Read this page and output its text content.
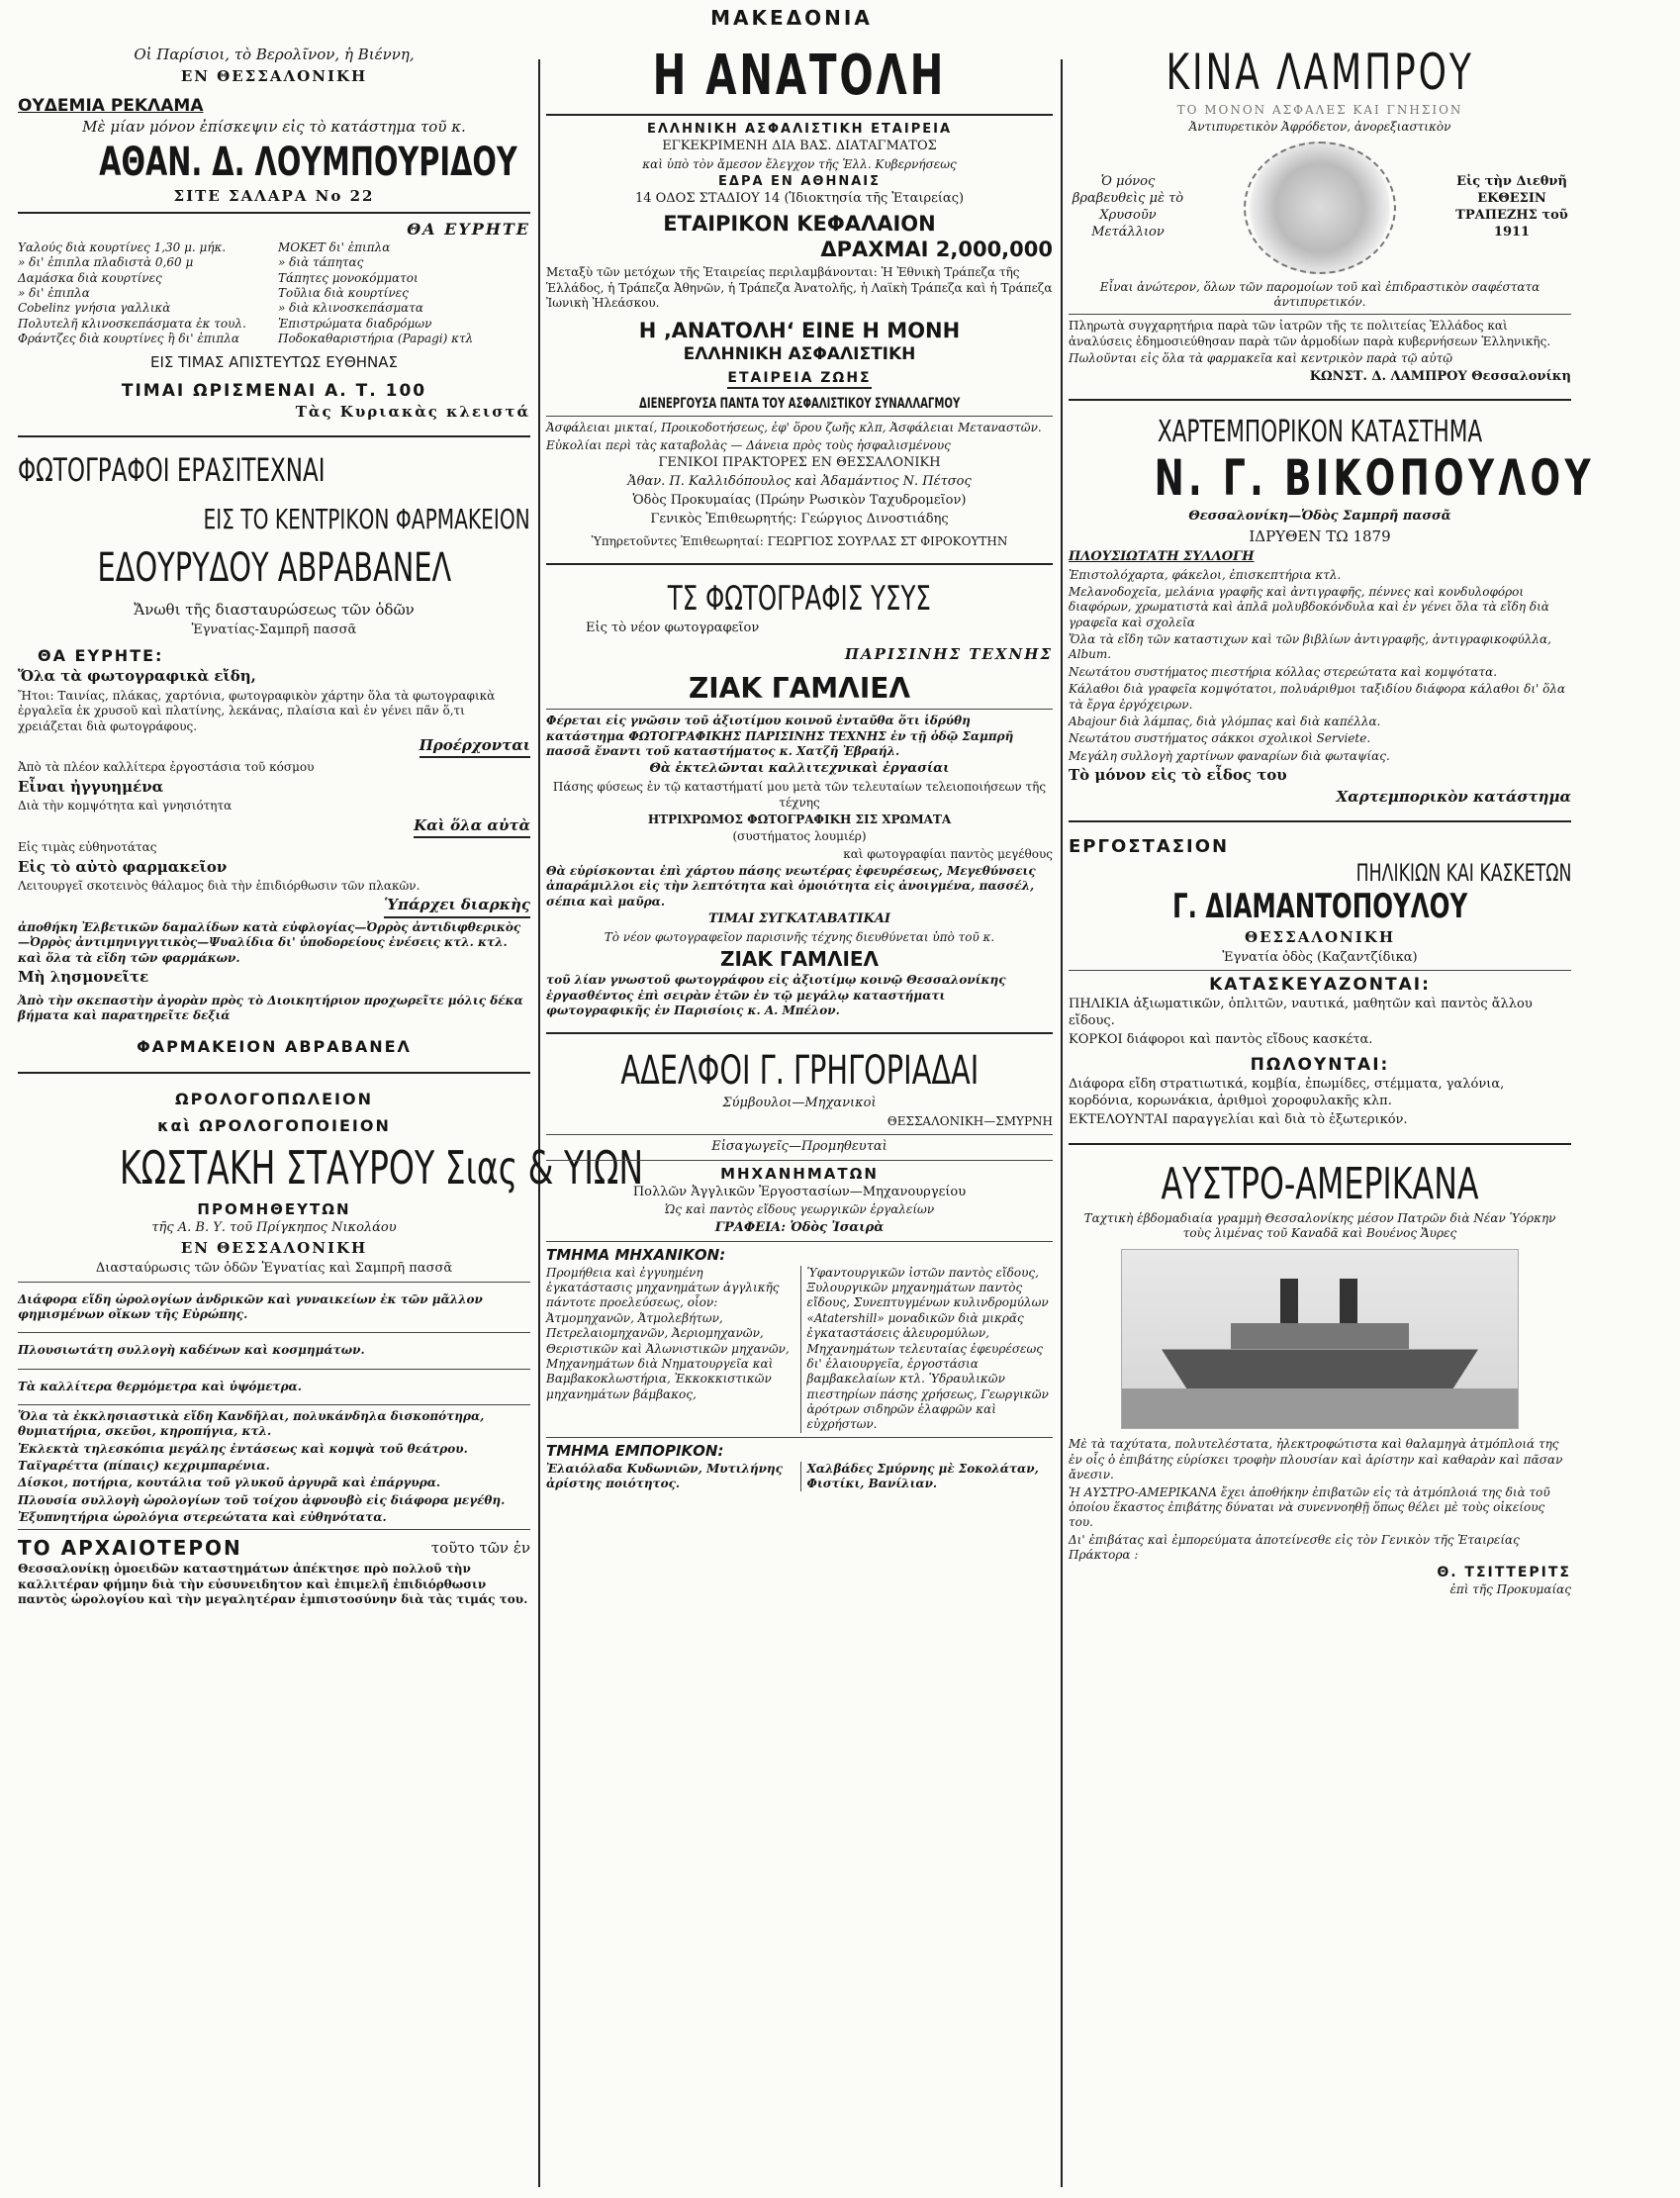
ΜΑΚΕΔΟΝΙΑ

Οἱ Παρίσιοι, τὸ Βερολῖνον, ἡ Βιέννη,

ΕΝ ΘΕΣΣΑΛΟΝΙΚΗ

ΟΥΔΕΜΙΑ ΡΕΚΛΑΜΑ

Μὲ μίαν μόνον ἐπίσκεψιν εἰς τὸ κατάστημα τοῦ κ.

ΑΘΑΝ. Δ. ΛΟΥΜΠΟΥΡΙΔΟΥ

ΣΙΤΕ ΣΑΛΑΡΑ Νο 22

ΘΑ ΕΥΡΗΤΕ

Υαλούς διὰ κουρτίνες 1,30 μ. μήκ.
» δι' ἐπιπλα πλαδιστὰ 0,60 μ
Δαμάσκα διὰ κουρτίνες
» δι' ἐπιπλα
Cobelinz γνήσια γαλλικὰ
Πολυτελῆ κλινοσκεπάσματα ἐκ τουλ.
Φράντζες διὰ κουρτίνες ἢ δι' ἐπιπλα
ΜΟΚΕΤ δι' ἐπιπλα
» διὰ τάπητας
Τάπητες μονοκόμματοι
Τοῦλια διὰ κουρτίνες
» διὰ κλινοσκεπάσματα
Ἐπιστρώματα διαδρόμων
Ποδοκαθαριστήρια (Papagi) κτλ

ΕΙΣ ΤΙΜΑΣ ΑΠΙΣΤΕΥΤΩΣ ΕΥΘΗΝΑΣ

ΤΙΜΑΙ ΩΡΙΣΜΕΝΑΙ Α. Τ. 100

Τὰς Κυριακὰς κλειστά

ΦΩΤΟΓΡΑΦΟΙ ΕΡΑΣΙΤΕΧΝΑΙ
ΕΙΣ ΤΟ ΚΕΝΤΡΙΚΟΝ ΦΑΡΜΑΚΕΙΟΝ
ΕΔΟΥΡΥΔΟΥ ΑΒΡΑΒΑΝΕΛ

Ἄνωθι τῆς διασταυρώσεως τῶν ὁδῶν

Ἐγνατίας-Σαμπρῆ πασσᾶ

ΘΑ ΕΥΡΗΤΕ:

Ὅλα τὰ φωτογραφικὰ εἴδη,

Ἤτοι: Ταινίας, πλάκας, χαρτόνια, φωτογραφικὸν χάρτην ὅλα τὰ φωτογραφικὰ ἐργαλεῖα ἐκ χρυσοῦ καὶ πλατίνης, λεκάνας, πλαίσια καὶ ἐν γένει πᾶν ὅ,τι χρειάζεται διὰ φωτογράφους.

Προέρχονται

Ἀπὸ τὰ πλέον καλλίτερα ἐργοστάσια τοῦ κόσμου

Εἶναι ἠγγυημένα

Διὰ τὴν κομψότητα καὶ γνησιότητα

Καὶ ὅλα αὐτὰ

Εἰς τιμὰς εὐθηνοτάτας

Εἰς τὸ αὐτὸ φαρμακεῖον

Λειτουργεῖ σκοτεινὸς θάλαμος διὰ τὴν ἐπιδιόρθωσιν τῶν πλακῶν.

Ὑπάρχει διαρκὴς

ἀποθήκη Ἐλβετικῶν δαμαλίδων κατὰ εὐφλογίας—Ὀρρὸς ἀντιδιφθερικὸς —Ὀρρὸς ἀντιμηνιγγιτικὸς—Ψυαλίδια δι' ὑποδορείους ἐνέσεις κτλ. κτλ. καὶ ὅλα τὰ εἴδη τῶν φαρμάκων.

Μὴ λησμονεῖτε

Ἀπὸ τὴν σκεπαστὴν ἀγορὰν πρὸς τὸ Διοικητήριον πρoχωρεῖτε μόλις δέκα βήματα καὶ παρατηρεῖτε δεξιά

ΦΑΡΜΑΚΕΙΟΝ ΑΒΡΑΒΑΝΕΛ

ΩΡΟΛΟΓΟΠΩΛΕΙΟΝ

καὶ ΩΡΟΛΟΓΟΠΟΙΕΙΟΝ

ΚΩΣΤΑΚΗ ΣΤΑΥΡΟΥ Σιας & ΥΙΩΝ

ΠΡΟΜΗΘΕΥΤΩΝ

τῆς Α. Β. Υ. τοῦ Πρίγκηπος Νικολάου

ΕΝ ΘΕΣΣΑΛΟΝΙΚΗ

Διασταύρωσις τῶν ὁδῶν Ἐγνατίας καὶ Σαμπρῆ πασσᾶ

Διάφορα εἴδη ὡρολογίων ἀνδρικῶν καὶ γυναικείων ἐκ τῶν μᾶλλον φημισμένων οἴκων τῆς Εὐρώπης.

Πλουσιωτάτη συλλογὴ καδένων καὶ κοσμημάτων.

Τὰ καλλίτερα θερμόμετρα καὶ ὑψόμετρα.

Ὅλα τὰ ἐκκλησιαστικὰ εἴδη Κανδῆλαι, πολυκάνδηλα δισκοπότηρα, θυμιατήρια, σκεῦοι, κηροπήγια, κτλ.

Ἐκλεκτὰ τηλεσκόπια μεγάλης ἐντάσεως καὶ κομψὰ τοῦ θεάτρου.

Ταϊγαρέττα (πίπαις) κεχριμπαρένια.

Δίσκοι, ποτήρια, κουτάλια τοῦ γλυκοῦ ἀργυρᾶ καὶ ἐπάργυρα.

Πλουσία συλλογὴ ὡρολογίων τοῦ τοίχου ἀφνουβὸ εἰς διάφορα μεγέθη.

Ἐξυπνητήρια ὡρολόγια στερεώτατα καὶ εὐθηνότατα.

ΤΟ ΑΡΧΑΙΟΤΕΡΟΝ	τοῦτο τῶν ἐν

Θεσσαλονίκῃ ὁμοειδῶν καταστημάτων ἀπέκτησε πρὸ πολλοῦ τὴν καλλιτέραν φήμην διὰ τὴν εὐσυνειδητον καὶ ἐπιμελῆ ἐπιδιόρθωσιν παντὸς ὡρολογίου καὶ τὴν μεγαλητέραν ἐμπιστοσύνην διὰ τὰς τιμάς του.

Η ΑΝΑΤΟΛΗ

ΕΛΛΗΝΙΚΗ ΑΣΦΑΛΙΣΤΙΚΗ ΕΤΑΙΡΕΙΑ

ΕΓΚΕΚΡΙΜΕΝΗ ΔΙΑ ΒΑΣ. ΔΙΑΤΑΓΜΑΤΟΣ

καὶ ὑπὸ τὸν ἄμεσον ἔλεγχον τῆς Ἑλλ. Κυβερνήσεως

ΕΔΡΑ ΕΝ ΑΘΗΝΑΙΣ

14 ΟΔΟΣ ΣΤΑΔΙΟΥ 14 (Ἰδιοκτησία τῆς Ἑταιρείας)

ΕΤΑΙΡΙΚΟΝ ΚΕΦΑΛΑΙΟΝ

ΔΡΑΧΜΑΙ 2,000,000

Μεταξὺ τῶν μετόχων τῆς Ἑταιρείας περιλαμβάνονται: Ἡ Ἐθνικὴ Τράπεζα τῆς Ἑλλάδος, ἡ Τράπεζα Ἀθηνῶν, ἡ Τράπεζα Ἀνατολῆς, ἡ Λαϊκὴ Τράπεζα καὶ ἡ Τράπεζα Ἰωνικὴ Ἠλεάσκου.

Η ‚ΑΝΑΤΟΛΗ‘ ΕΙΝΕ Η ΜΟΝΗ

ΕΛΛΗΝΙΚΗ ΑΣΦΑΛΙΣΤΙΚΗ

ΕΤΑΙΡΕΙΑ ΖΩΗΣ

ΔΙΕΝΕΡΓΟΥΣΑ ΠΑΝΤΑ ΤΟΥ ΑΣΦΑΛΙΣΤΙΚΟΥ ΣΥΝΑΛΛΑΓΜΟΥ

Ἀσφάλειαι μικταί, Προικοδοτήσεως, ἐφ' ὅρου ζωῆς κλπ, Ἀσφάλειαι Μεταναστῶν.

Εὐκολίαι περὶ τὰς καταβολὰς — Δάνεια πρὸς τοὺς ἠσφαλισμένους

ΓΕΝΙΚΟΙ ΠΡΑΚΤΟΡΕΣ ΕΝ ΘΕΣΣΑΛΟΝΙΚΗ

Ἀθαν. Π. Καλλιδόπουλος καὶ Ἀδαμάντιος Ν. Πέτσος

Ὁδὸς Προκυμαίας (Πρώην Ρωσικὸν Ταχυδρομεῖον)

Γενικὸς Ἐπιθεωρητής: Γεώργιος Δινοστιάδης

Ὑπηρετοῦντες Ἐπιθεωρηταί: ΓΕΩΡΓΙΟΣ ΣΟΥΡΛΑΣ ΣΤ ΦΙΡΟΚΟΥΤΗΝ

ΤΣ ΦΩΤΟΓΡΑΦΙΣ ΥΣΥΣ

Εἰς τὸ νέον φωτογραφεῖον

ΠΑΡΙΣΙΝΗΣ ΤΕΧΝΗΣ

ΖΙΑΚ ΓΑΜΛΙΕΛ

Φέρεται εἰς γνῶσιν τοῦ ἀξιοτίμου κοινοῦ ἐνταῦθα ὅτι ἱδρύθη κατάστημα ΦΩΤΟΓΡΑΦΙΚΗΣ ΠΑΡΙΣΙΝΗΣ ΤΕΧΝΗΣ ἐν τῇ ὁδῷ Σαμπρῆ πασσᾶ ἔναντι τοῦ καταστήματος κ. Χατζῆ Ἐβραήλ.

Θὰ ἐκτελῶνται καλλιτεχνικαὶ ἐργασίαι

Πάσης φύσεως ἐν τῷ καταστήματί μου μετὰ τῶν τελευταίων τελειοποιήσεων τῆς τέχνης

ΗΤΡΙΧΡΩΜΟΣ ΦΩΤΟΓΡΑΦΙΚΗ ΣΙΣ ΧΡΩΜΑΤΑ

(συστήματος λουμιέρ)

καὶ φωτογραφίαι παντὸς μεγέθους

Θὰ εὑρίσκονται ἐπὶ χάρτου πάσης νεωτέρας ἐφευρέσεως, Μεγεθύνσεις ἀπαράμιλλοι εἰς τὴν λεπτότητα καὶ ὁμοιότητα εἰς ἀνοιγμένα, πασσέλ, σέπια καὶ μαῦρα.

ΤΙΜΑΙ ΣΥΓΚΑΤΑΒΑΤΙΚΑΙ

Τὸ νέον φωτογραφεῖον παρισινῆς τέχνης διευθύνεται ὑπὸ τοῦ κ.

ΖΙΑΚ ΓΑΜΛΙΕΛ

τοῦ λίαν γνωστοῦ φωτογράφου εἰς ἀξιοτίμῳ κοινῷ Θεσσαλονίκης ἐργασθέντος ἐπὶ σειρὰν ἐτῶν ἐν τῷ μεγάλῳ καταστήματι φωτογραφικῆς ἐν Παρισίοις κ. Α. Μπέλον.

ΑΔΕΛΦΟΙ Γ. ΓΡΗΓΟΡΙΑΔΑΙ

Σύμβουλοι—Μηχανικοὶ

ΘΕΣΣΑΛΟΝΙΚΗ—ΣΜΥΡΝΗ

Εἰσαγωγεῖς—Προμηθευταὶ

ΜΗΧΑΝΗΜΑΤΩΝ

Πολλῶν Ἀγγλικῶν Ἐργοστασίων—Μηχανουργείου

Ὡς καὶ παντὸς εἴδους γεωργικῶν ἐργαλείων

ΓΡΑΦΕΙΑ: Ὁδὸς Ἰσαιρὰ

ΤΜΗΜΑ ΜΗΧΑΝΙΚΟΝ:

Προμήθεια καὶ ἐγγυημένη ἐγκατάστασις μηχανημάτων ἀγγλικῆς πάντοτε προελεύσεως, οἷον: Ἀτμομηχανῶν, Ἀτμολεβήτων, Πετρελαιομηχανῶν, Ἀεριομηχανῶν, Θεριστικῶν καὶ Ἀλωνιστικῶν μηχανῶν, Μηχανημάτων διὰ Νηματουργεῖα καὶ Βαμβακοκλωστήρια, Ἐκκοκκιστικῶν μηχανημάτων βάμβακος,
Ὑφαντουργικῶν ἰστῶν παντὸς εἴδους, Ξυλουργικῶν μηχανημάτων παντὸς εἴδους, Συνεπτυγμένων κυλινδρομύλων «Atatershill» μοναδικῶν διὰ μικρᾶς ἐγκαταστάσεις ἀλευρομύλων, Μηχανημάτων τελευταίας ἐφευρέσεως δι' ἐλαιουργεῖα, ἐργοστάσια βαμβακελαίων κτλ. Ὑδραυλικῶν πιεστηρίων πάσης χρήσεως, Γεωργικῶν ἀρότρων σιδηρῶν ἐλαφρῶν καὶ εὐχρήστων.

ΤΜΗΜΑ ΕΜΠΟΡΙΚΟΝ:

Ἐλαιόλαδα Κυδωνιῶν, Μυτιλήνης ἀρίστης ποιότητος.
Χαλβάδες Σμύρνης μὲ Σοκολάταν, Φιστίκι, Βανίλιαν.
ΚΙΝΑ ΛΑΜΠΡΟΥ

ΤΟ ΜΟΝΟΝ ΑΣΦΑΛΕΣ ΚΑΙ ΓΝΗΣΙΟΝ

Ἀντιπυρετικὸν Ἀφρόδετον, ἀνορεξιαστικὸν

Ὁ μόνος βραβευθεὶς μὲ τὸ Χρυσοῦν Μετάλλιον
Εἰς τὴν Διεθνῆ ΕΚΘΕΣΙΝ ΤΡΑΠΕΖΗΣ τοῦ 1911

Εἶναι ἀνώτερον, ὅλων τῶν παρομοίων τοῦ καὶ ἐπιδραστικὸν σαφέστατα ἀντιπυρετικόν.

Πληρωτὰ συγχαρητήρια παρὰ τῶν ἰατρῶν τῆς τε πολιτείας Ἑλλάδος καὶ ἀναλύσεις ἐδημοσιεύθησαν παρὰ τῶν ἀρμοδίων παρὰ κυβερνήσεων Ἑλληνικῆς.

Πωλοῦνται εἰς ὅλα τὰ φαρμακεῖα καὶ κεντρικὸν παρὰ τῷ αὐτῷ

ΚΩΝΣΤ. Δ. ΛΑΜΠΡΟΥ Θεσσαλονίκη

ΧΑΡΤΕΜΠΟΡΙΚΟΝ ΚΑΤΑΣΤΗΜΑ
Ν. Γ. ΒΙΚΟΠΟΥΛΟΥ

Θεσσαλονίκη—Ὁδὸς Σαμπρῆ πασσᾶ

ΙΔΡΥΘΕΝ ΤΩ 1879

ΠΛΟΥΣΙΩΤΑΤΗ ΣΥΛΛΟΓΗ

Ἐπιστολόχαρτα, φάκελοι, ἐπισκεπτήρια κτλ.

Μελανοδοχεῖα, μελάνια γραφῆς καὶ ἀντιγραφῆς, πέννες καὶ κονδυλοφόροι διαφόρων, χρωματιστὰ καὶ ἁπλᾶ μολυβδοκόνδυλα καὶ ἐν γένει ὅλα τὰ εἴδη διὰ γραφεῖα καὶ σχολεῖα

Ὅλα τὰ εἴδη τῶν καταστιχων καὶ τῶν βιβλίων ἀντιγραφῆς, ἀντιγραφικοφύλλα, Album.

Νεωτάτου συστήματος πιεστήρια κόλλας στερεώτατα καὶ κομψότατα.

Κάλαθοι διὰ γραφεῖα κομψότατοι, πολυάριθμοι ταξιδίου διάφορα κάλαθοι δι' ὅλα τὰ ἔργα ἐργόχειρων.

Abajour διὰ λάμπας, διὰ γλόμπας καὶ διὰ καπέλλα.

Νεωτάτου συστήματος σάκκοι σχολικοὶ Serviete.

Μεγάλη συλλογὴ χαρτίνων φαναρίων διὰ φωταψίας.

Τὸ μόνον εἰς τὸ εἶδος του

Χαρτεμπορικὸν κατάστημα

ΕΡΓΟΣΤΑΣΙΟΝ

ΠΗΛΙΚΙΩΝ ΚΑΙ ΚΑΣΚΕΤΩΝ
Γ. ΔΙΑΜΑΝΤΟΠΟΥΛΟΥ

ΘΕΣΣΑΛΟΝΙΚΗ

Ἐγνατία ὁδὸς (Καζαντζίδικα)

ΚΑΤΑΣΚΕΥΑΖΟΝΤΑΙ:

ΠΗΛΙΚΙΑ ἀξιωματικῶν, ὁπλιτῶν, ναυτικά, μαθητῶν καὶ παντὸς ἄλλου εἴδους.

ΚΟΡΚΟΙ διάφοροι καὶ παντὸς εἴδους κασκέτα.

ΠΩΛΟΥΝΤΑΙ:

Διάφορα εἴδη στρατιωτικά, κομβία, ἐπωμίδες, στέμματα, γαλόνια, κορδόνια, κορωνάκια, ἀριθμοὶ χοροφυλακῆς κλπ.

ΕΚΤΕΛΟΥΝΤΑΙ παραγγελίαι καὶ διὰ τὸ ἐξωτερικόν.

ΑΥΣΤΡΟ-ΑΜΕΡΙΚΑΝΑ

Ταχτικὴ ἑβδομαδιαία γραμμὴ Θεσσαλονίκης μέσον Πατρῶν διὰ Νέαν Ὑόρκην τοὺς λιμένας τοῦ Καναδᾶ καὶ Βουένος Ἄυρες

Μὲ τὰ ταχύτατα, πολυτελέστατα, ἠλεκτροφώτιστα καὶ θαλαμηγὰ ἀτμόπλοιά της ἐν οἷς ὁ ἐπιβάτης εὑρίσκει τροφὴν πλουσίαν καὶ ἀρίστην καὶ καθαρὰν καὶ πᾶσαν ἄνεσιν.

Ἡ ΑΥΣΤΡΟ-ΑΜΕΡΙΚΑΝΑ ἔχει ἀποθήκην ἐπιβατῶν εἰς τὰ ἀτμόπλοιά της διὰ τοῦ ὁποίου ἕκαστος ἐπιβάτης δύναται νὰ συνεννοηθῇ ὅπως θέλει μὲ τοὺς οἰκείους του.

Δι' ἐπιβάτας καὶ ἐμπορεύματα ἀποτείνεσθε εἰς τὸν Γενικὸν τῆς Ἑταιρείας Πράκτορα :

Θ. ΤΣΙΤΤΕΡΙΤΣ

ἐπὶ τῆς Προκυμαίας
